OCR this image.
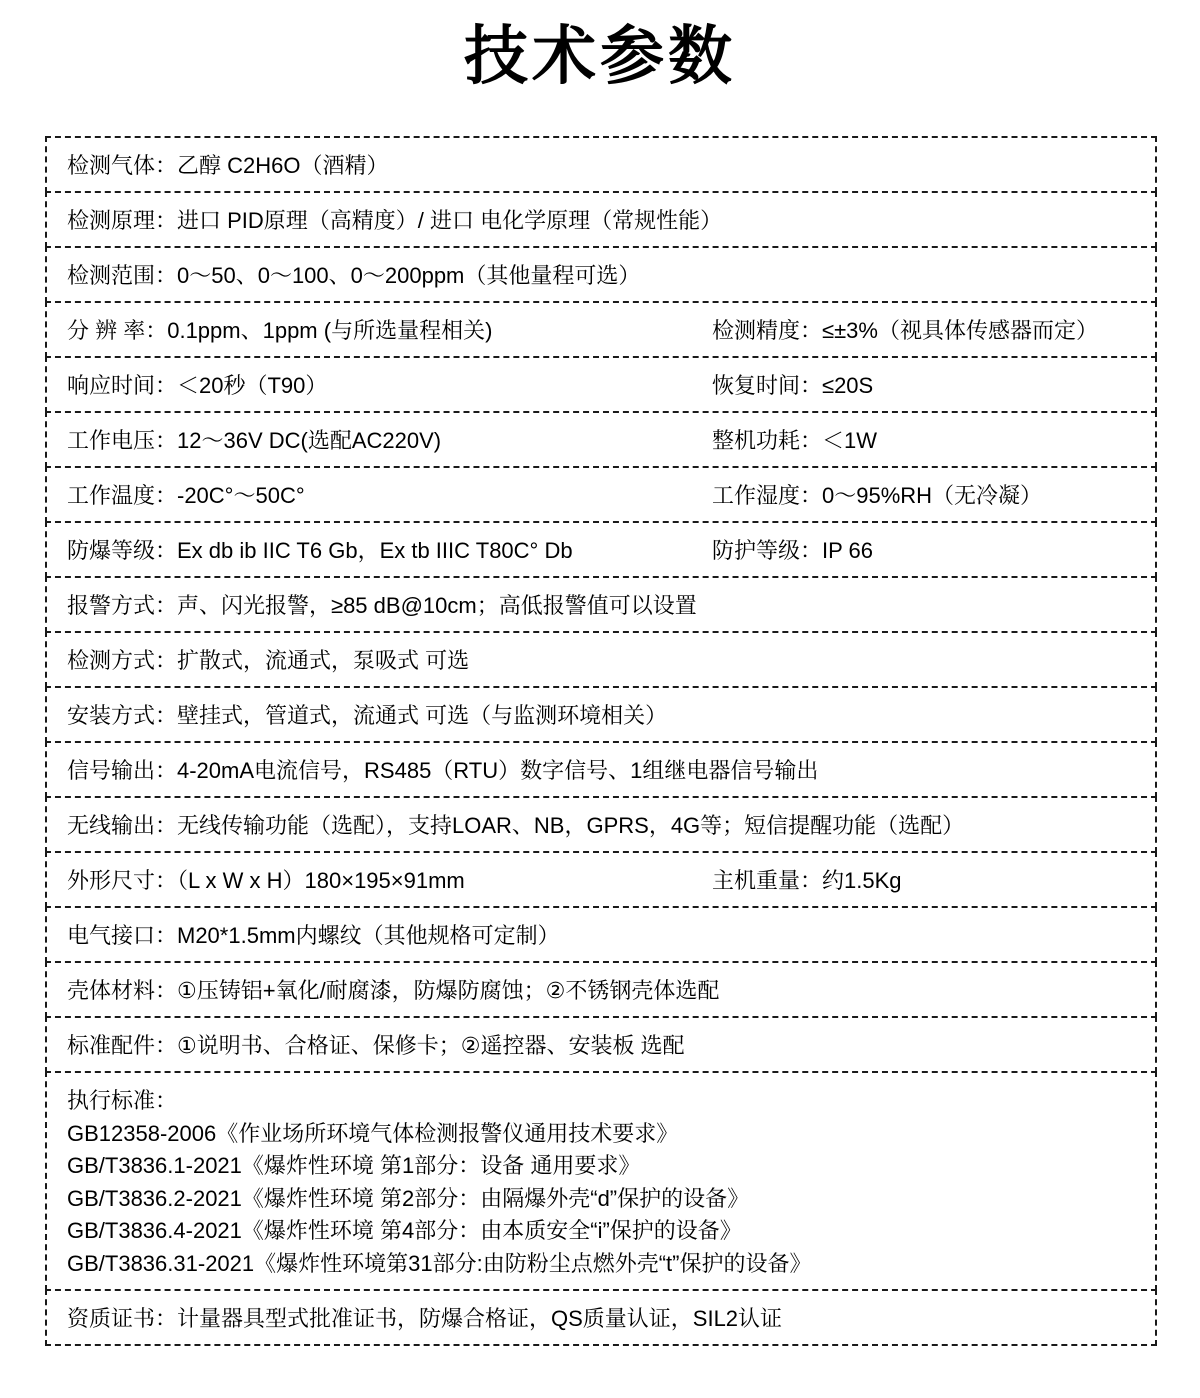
技术参数
检测气体：乙醇 C2H6O（酒精）
检测原理：进口 PID原理（高精度）/ 进口 电化学原理（常规性能）
检测范围：0～50、0～100、0～200ppm（其他量程可选）
分 辨 率：0.1ppm、1ppm (与所选量程相关)	检测精度：≤±3%（视具体传感器而定）
响应时间：＜20秒（T90）	恢复时间：≤20S
工作电压：12～36V DC(选配AC220V)	整机功耗：＜1W
工作温度：-20C°～50C°	工作湿度：0～95%RH（无冷凝）
防爆等级：Ex db ib IIC T6 Gb，Ex tb IIIC T80C° Db	防护等级：IP 66
报警方式：声、闪光报警，≥85 dB@10cm；高低报警值可以设置
检测方式：扩散式，流通式，泵吸式 可选
安装方式：壁挂式，管道式，流通式 可选（与监测环境相关）
信号输出：4-20mA电流信号，RS485（RTU）数字信号、1组继电器信号输出
无线输出：无线传输功能（选配），支持LOAR、NB，GPRS，4G等；短信提醒功能（选配）
外形尺寸：（L x W x H）180×195×91mm	主机重量：约1.5Kg
电气接口：M20*1.5mm内螺纹（其他规格可定制）
壳体材料：①压铸铝+氧化/耐腐漆，防爆防腐蚀；②不锈钢壳体选配
标准配件：①说明书、合格证、保修卡；②遥控器、安装板 选配
执行标准：
GB12358-2006《作业场所环境气体检测报警仪通用技术要求》
GB/T3836.1-2021《爆炸性环境 第1部分：设备 通用要求》
GB/T3836.2-2021《爆炸性环境 第2部分：由隔爆外壳“d”保护的设备》
GB/T3836.4-2021《爆炸性环境 第4部分：由本质安全“i”保护的设备》
GB/T3836.31-2021《爆炸性环境第31部分:由防粉尘点燃外壳“t”保护的设备》
资质证书：计量器具型式批准证书，防爆合格证，QS质量认证，SIL2认证
